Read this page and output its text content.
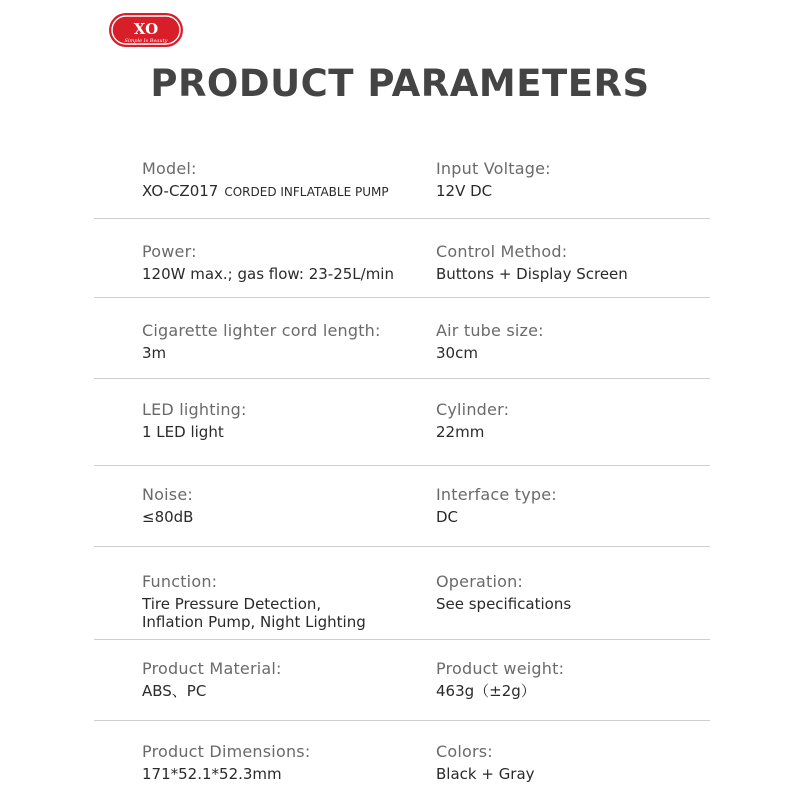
XO
Simple Is Beauty
PRODUCT PARAMETERS
Model:
XO-CZ017 CORDED INFLATABLE PUMP
Input Voltage:
12V DC
Power:
120W max.; gas flow: 23-25L/min
Control Method:
Buttons + Display Screen
Cigarette lighter cord length:
3m
Air tube size:
30cm
LED lighting:
1 LED light
Cylinder:
22mm
Noise:
≤80dB
Interface type:
DC
Function:
Tire Pressure Detection,
Inflation Pump, Night Lighting
Operation:
See specifications
Product Material:
ABS、PC
Product weight:
463g（±2g）
Product Dimensions:
171*52.1*52.3mm
Colors:
Black + Gray
